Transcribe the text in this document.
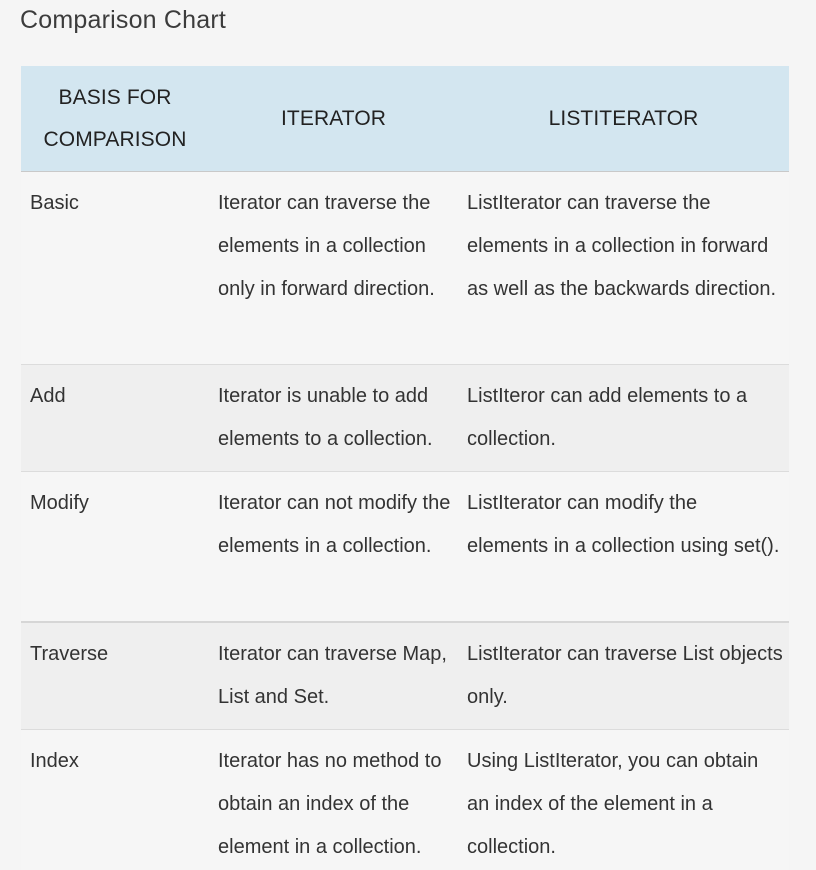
Comparison Chart
BASIS FOR COMPARISON	ITERATOR	LISTITERATOR
Basic	Iterator can traverse the elements in a collection only in forward direction.	ListIterator can traverse the elements in a collection in forward as well as the backwards direction.
Add	Iterator is unable to add elements to a collection.	ListIteror can add elements to a collection.
Modify	Iterator can not modify the elements in a collection.	ListIterator can modify the elements in a collection using set().
Traverse	Iterator can traverse Map, List and Set.	ListIterator can traverse List objects only.
Index	Iterator has no method to obtain an index of the element in a collection.	Using ListIterator, you can obtain an index of the element in a collection.
